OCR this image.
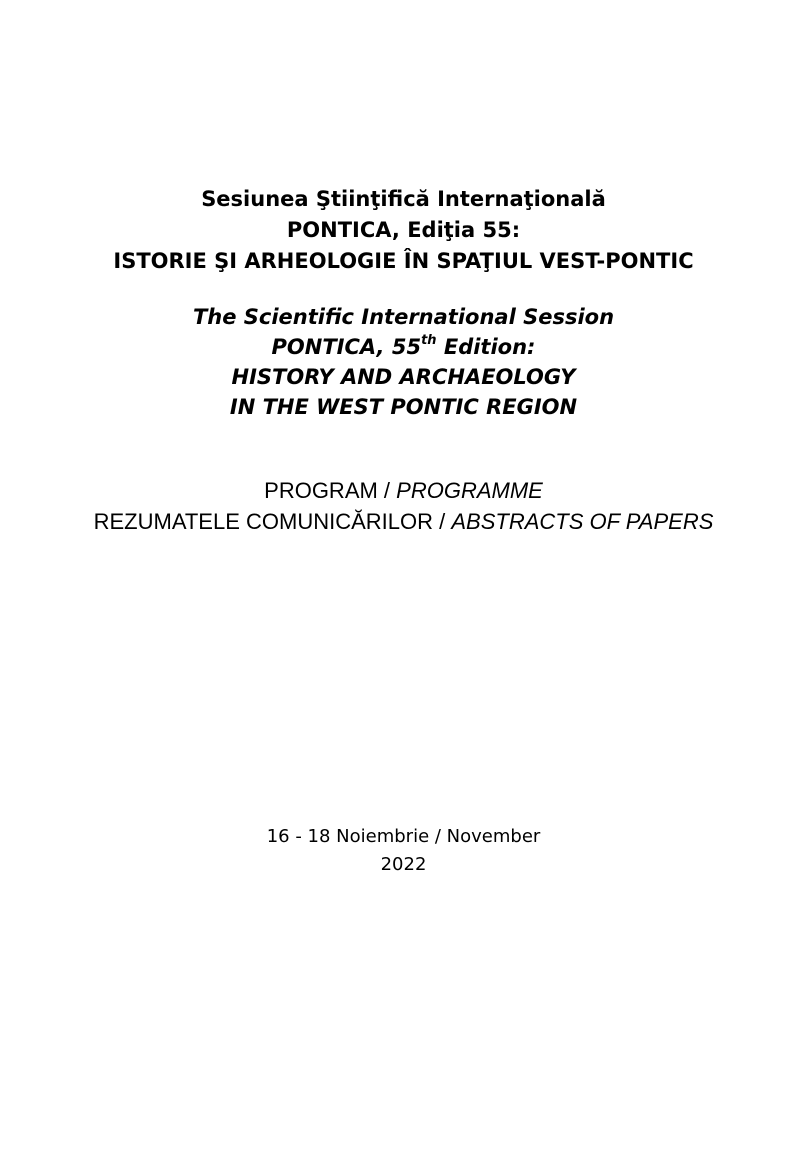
Sesiunea Ştiinţifică Internaţională
PONTICA, Ediţia 55:
ISTORIE ŞI ARHEOLOGIE ÎN SPAŢIUL VEST-PONTIC
The Scientific International Session
PONTICA, 55th Edition:
HISTORY AND ARCHAEOLOGY
IN THE WEST PONTIC REGION
PROGRAM / PROGRAMME
REZUMATELE COMUNICĂRILOR / ABSTRACTS OF PAPERS
16 - 18 Noiembrie / November
2022
